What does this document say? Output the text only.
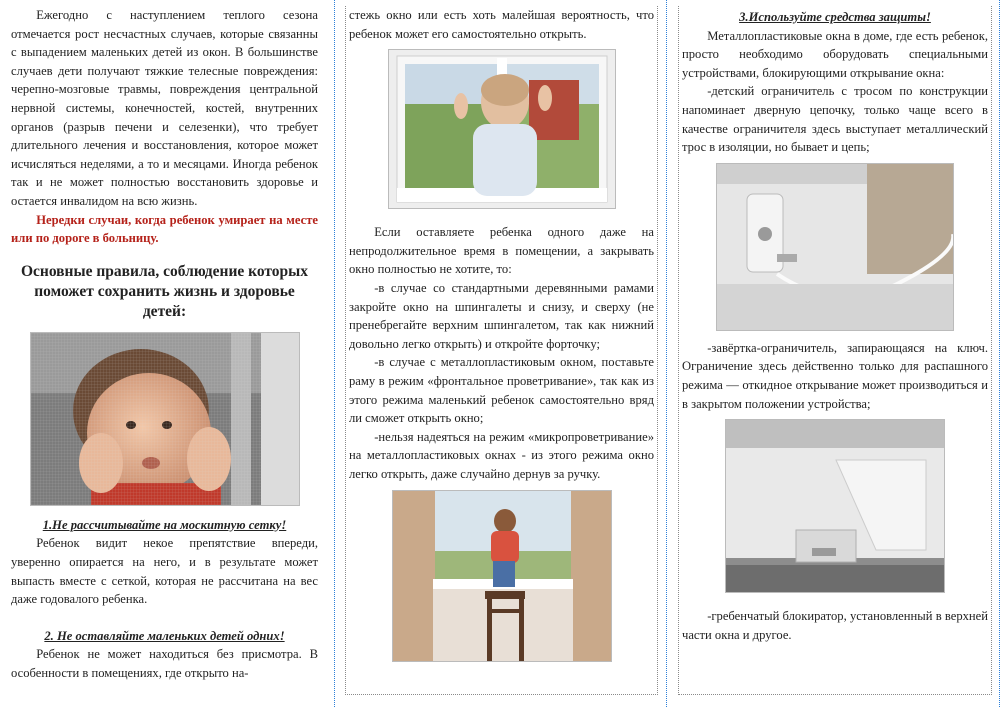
Ежегодно с наступлением теплого сезона отмечается рост несчастных случаев, которые связанны с выпадением маленьких детей из окон. В большинстве случаев дети получают тяжкие телесные повреждения: черепно-мозговые травмы, повреждения центральной нервной системы, конечностей, костей, внутренних органов (разрыв печени и селезенки), что требует длительного лечения и восстановления, которое может исчисляться неделями, а то и месяцами. Иногда ребенок так и не может полностью восстановить здоровье и остается инвалидом на всю жизнь.

Нередки случаи, когда ребенок умирает на месте или по дороге в больницу.

Основные правила, соблюдение которых поможет сохранить жизнь и здоровье детей:

1.Не рассчитывайте на москитную сетку!

Ребенок видит некое препятствие впереди, уверенно опирается на него, и в результате может выпасть вместе с сеткой, которая не рассчитана на вес даже годовалого ребенка.

2. Не оставляйте маленьких детей одних!

Ребенок не может находиться без присмотра. В особенности в помещениях, где открыто на-

стежь окно или есть хоть малейшая вероятность, что ребенок может его самостоятельно открыть.

Если оставляете ребенка одного даже на непродолжительное время в помещении, а закрывать окно полностью не хотите, то:

-в случае со стандартными деревянными рамами закройте окно на шпингалеты и снизу, и сверху (не пренебрегайте верхним шпингалетом, так как нижний довольно легко открыть) и откройте форточку;

-в случае с металлопластиковым окном, поставьте раму в режим «фронтальное проветривание», так как из этого режима маленький ребенок самостоятельно вряд ли сможет открыть окно;

-нельзя надеяться на режим «микропроветривание» на металлопластиковых окнах - из этого режима окно легко открыть, даже случайно дернув за ручку.

3.Используйте средства защиты!

Металлопластиковые окна в доме, где есть ребенок, просто необходимо оборудовать специальными устройствами, блокирующими открывание окна:

-детский ограничитель с тросом по конструкции напоминает дверную цепочку, только чаще всего в качестве ограничителя здесь выступает металлический трос в изоляции, но бывает и цепь;

-завёртка-ограничитель, запирающаяся на ключ. Ограничение здесь действенно только для распашного режима — откидное открывание может производиться и в закрытом положении устройства;

-гребенчатый блокиратор, установленный в верхней части окна и другое.
